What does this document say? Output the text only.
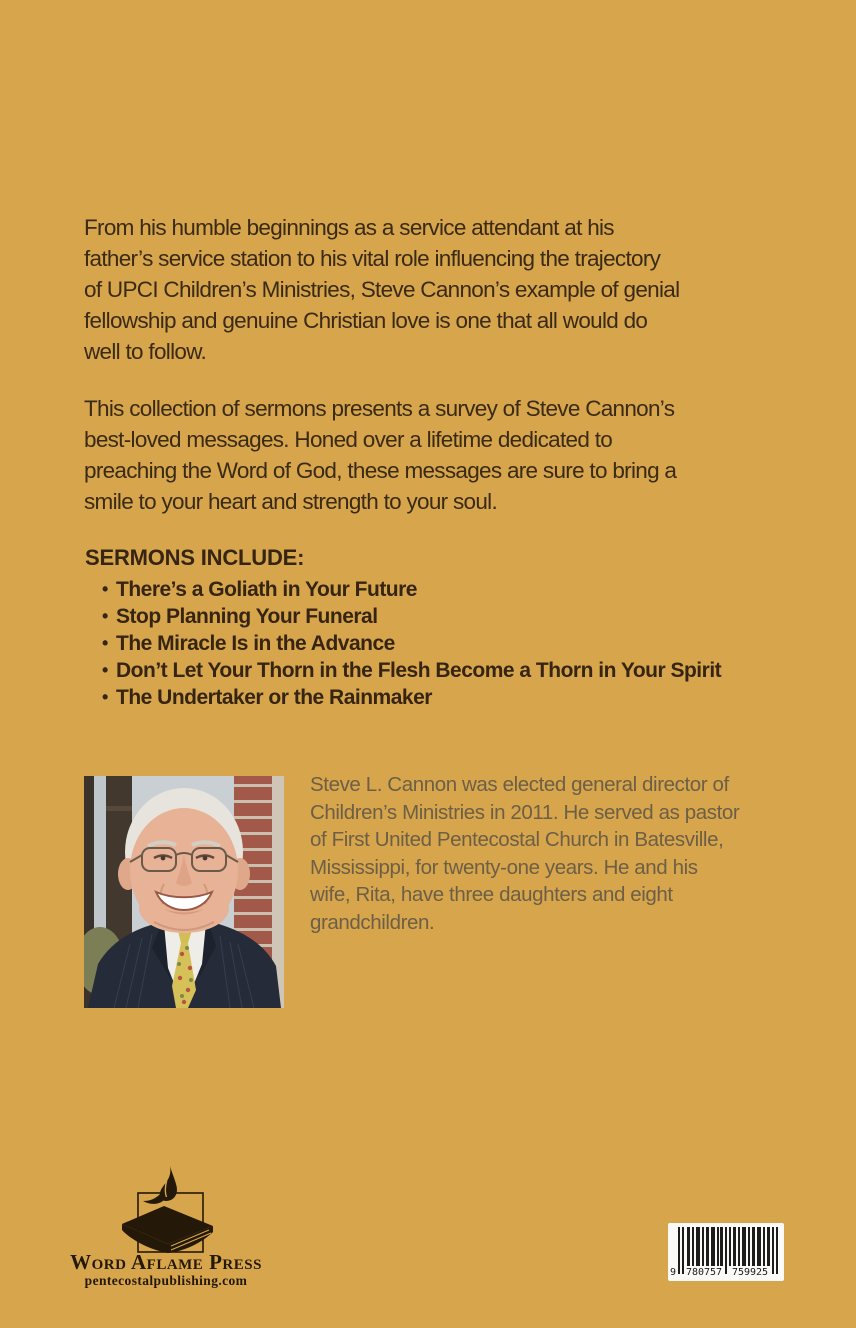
From his humble beginnings as a service attendant at his
father’s service station to his vital role influencing the trajectory
of UPCI Children’s Ministries, Steve Cannon’s example of genial
fellowship and genuine Christian love is one that all would do
well to follow.
This collection of sermons presents a survey of Steve Cannon’s
best-loved messages. Honed over a lifetime dedicated to
preaching the Word of God, these messages are sure to bring a
smile to your heart and strength to your soul.
SERMONS INCLUDE:
• There’s a Goliath in Your Future
• Stop Planning Your Funeral
• The Miracle Is in the Advance
• Don’t Let Your Thorn in the Flesh Become a Thorn in Your Spirit
• The Undertaker or the Rainmaker
Steve L. Cannon was elected general director of
Children’s Ministries in 2011. He served as pastor
of First United Pentecostal Church in Batesville,
Mississippi, for twenty-one years. He and his
wife, Rita, have three daughters and eight
grandchildren.
Word Aflame Press
pentecostalpublishing.com
9 780757 759925
